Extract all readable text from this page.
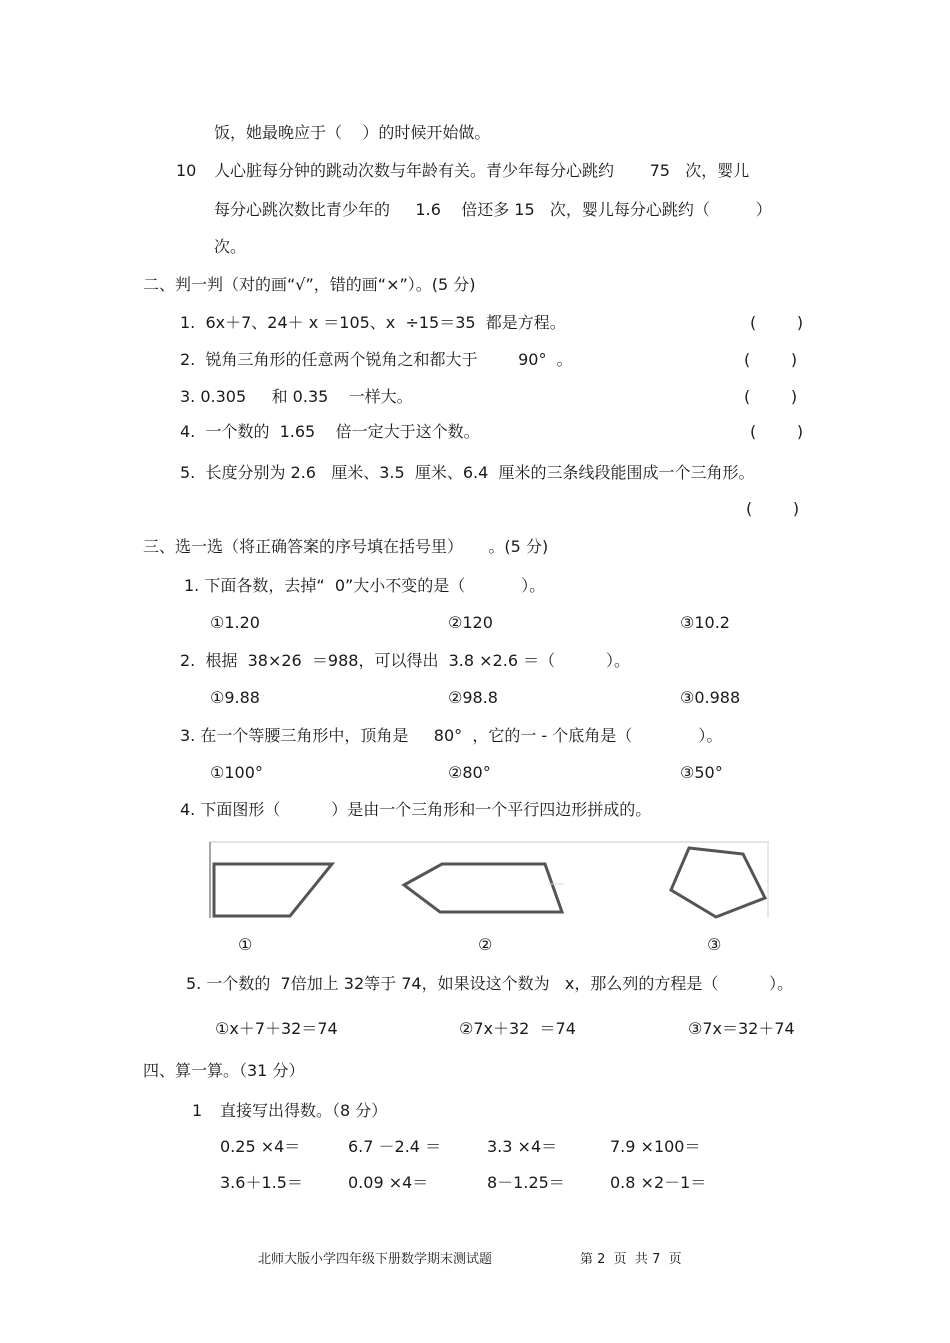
饭，她最晚应于（    ）的时候开始做。
10 人心脏每分钟的跳动次数与年龄有关。青少年每分心跳约       75   次，婴儿
每分心跳次数比青少年的     1.6    倍还多 15   次，婴儿每分心跳约（         ）
次。
二、判一判（对的画“√”，错的画“×”）。(5 分)
1.  6x＋7、24＋ x ＝105、x  ÷15＝35  都是方程。	(        )
2.  锐角三角形的任意两个锐角之和都大于        90°  。	(        )
3. 0.305     和 0.35    一样大。	(        )
4.  一个数的  1.65    倍一定大于这个数。	(        )
5.  长度分别为 2.6   厘米、3.5  厘米、6.4  厘米的三条线段能围成一个三角形。
(        )
三、选一选（将正确答案的序号填在括号里）     。(5 分)
1. 下面各数，去掉“  0”大小不变的是（           ）。
①1.20	②120	③10.2
2.  根据  38×26  ＝988，可以得出  3.8 ×2.6 ＝（          ）。
①9.88	②98.8	③0.988
3. 在一个等腰三角形中，顶角是     80°  ，它的一 - 个底角是（             ）。
①100°	②80°	③50°
4. 下面图形（          ）是由一个三角形和一个平行四边形拼成的。
①	②	③
5. 一个数的  7倍加上 32等于 74，如果设这个数为   x，那么列的方程是（          ）。
①x＋7＋32＝74	②7x＋32  ＝74	③7x＝32＋74
四、算一算。（31 分）
1 直接写出得数。（8 分）
0.25 ×4＝	6.7 －2.4 ＝	3.3 ×4＝	7.9 ×100＝
3.6＋1.5＝	0.09 ×4＝	8－1.25＝	0.8 ×2－1＝
北师大版小学四年级下册数学期末测试题	第 2  页  共 7  页
